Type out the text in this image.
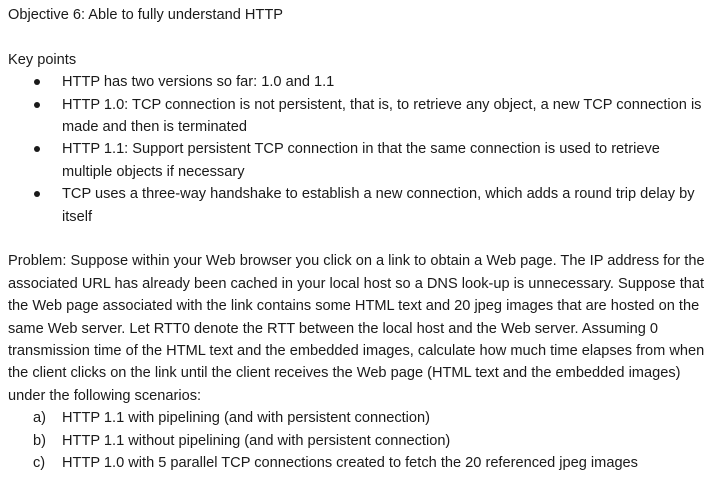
Objective 6: Able to fully understand HTTP

Key points

HTTP has two versions so far: 1.0 and 1.1
HTTP 1.0: TCP connection is not persistent, that is, to retrieve any object, a new TCP connection is made and then is terminated
HTTP 1.1: Support persistent TCP connection in that the same connection is used to retrieve multiple objects if necessary
TCP uses a three-way handshake to establish a new connection, which adds a round trip delay by itself

Problem: Suppose within your Web browser you click on a link to obtain a Web page. The IP address for the associated URL has already been cached in your local host so a DNS look-up is unnecessary. Suppose that the Web page associated with the link contains some HTML text and 20 jpeg images that are hosted on the same Web server. Let RTT0 denote the RTT between the local host and the Web server. Assuming 0 transmission time of the HTML text and the embedded images, calculate how much time elapses from when the client clicks on the link until the client receives the Web page (HTML text and the embedded images) under the following scenarios:

a) HTTP 1.1 with pipelining (and with persistent connection)
b) HTTP 1.1 without pipelining (and with persistent connection)
c) HTTP 1.0 with 5 parallel TCP connections created to fetch the 20 referenced jpeg images
